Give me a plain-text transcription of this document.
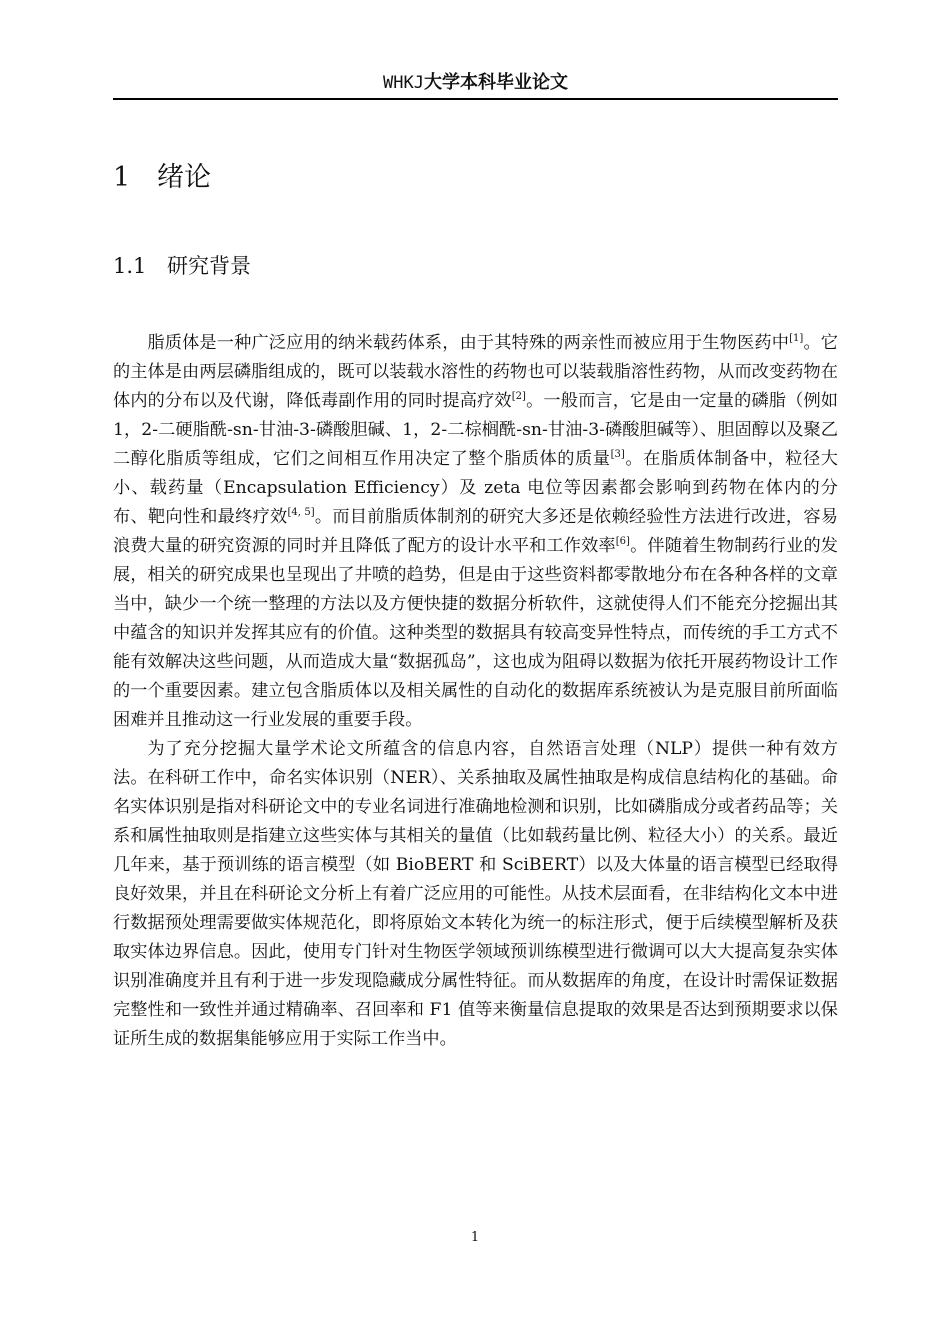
WHKJ大学本科毕业论文
1 绪论
1.1 研究背景

脂质体是一种广泛应用的纳米载药体系，由于其特殊的两亲性而被应用于生物医药中[1]。它的主体是由两层磷脂组成的，既可以装载水溶性的药物也可以装载脂溶性药物，从而改变药物在体内的分布以及代谢，降低毒副作用的同时提高疗效[2]。一般而言，它是由一定量的磷脂（例如 1，2-二硬脂酰-sn-甘油-3-磷酸胆碱、1，2-二棕榈酰-sn-甘油-3-磷酸胆碱等）、胆固醇以及聚乙二醇化脂质等组成，它们之间相互作用决定了整个脂质体的质量[3]。在脂质体制备中，粒径大小、载药量（Encapsulation Efficiency）及 zeta 电位等因素都会影响到药物在体内的分布、靶向性和最终疗效[4, 5]。而目前脂质体制剂的研究大多还是依赖经验性方法进行改进，容易浪费大量的研究资源的同时并且降低了配方的设计水平和工作效率[6]。伴随着生物制药行业的发展，相关的研究成果也呈现出了井喷的趋势，但是由于这些资料都零散地分布在各种各样的文章当中，缺少一个统一整理的方法以及方便快捷的数据分析软件，这就使得人们不能充分挖掘出其中蕴含的知识并发挥其应有的价值。这种类型的数据具有较高变异性特点，而传统的手工方式不能有效解决这些问题，从而造成大量“数据孤岛”，这也成为阻碍以数据为依托开展药物设计工作的一个重要因素。建立包含脂质体以及相关属性的自动化的数据库系统被认为是克服目前所面临困难并且推动这一行业发展的重要手段。

为了充分挖掘大量学术论文所蕴含的信息内容，自然语言处理（NLP）提供一种有效方法。在科研工作中，命名实体识别（NER）、关系抽取及属性抽取是构成信息结构化的基础。命名实体识别是指对科研论文中的专业名词进行准确地检测和识别，比如磷脂成分或者药品等；关系和属性抽取则是指建立这些实体与其相关的量值（比如载药量比例、粒径大小）的关系。最近几年来，基于预训练的语言模型（如 BioBERT 和 SciBERT）以及大体量的语言模型已经取得良好效果，并且在科研论文分析上有着广泛应用的可能性。从技术层面看，在非结构化文本中进行数据预处理需要做实体规范化，即将原始文本转化为统一的标注形式，便于后续模型解析及获取实体边界信息。因此，使用专门针对生物医学领域预训练模型进行微调可以大大提高复杂实体识别准确度并且有利于进一步发现隐藏成分属性特征。而从数据库的角度，在设计时需保证数据完整性和一致性并通过精确率、召回率和 F1 值等来衡量信息提取的效果是否达到预期要求以保证所生成的数据集能够应用于实际工作当中。

1
